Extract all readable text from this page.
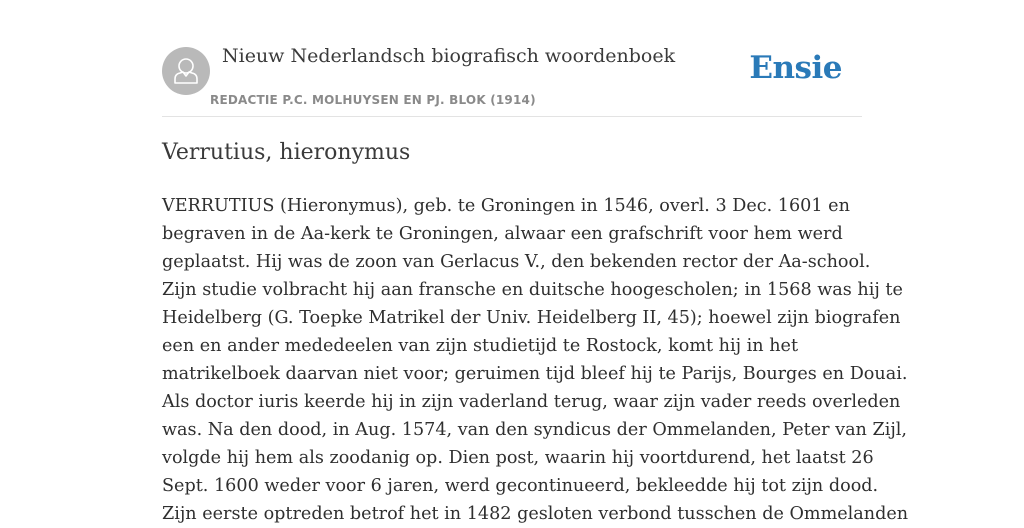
Nieuw Nederlandsch biografisch woordenboek
REDACTIE P.C. MOLHUYSEN EN PJ. BLOK (1914)
Ensie
Verrutius, hieronymus
VERRUTIUS (Hieronymus), geb. te Groningen in 1546, overl. 3 Dec. 1601 en
begraven in de Aa-kerk te Groningen, alwaar een grafschrift voor hem werd
geplaatst. Hij was de zoon van Gerlacus V., den bekenden rector der Aa-school.
Zijn studie volbracht hij aan fransche en duitsche hoogescholen; in 1568 was hij te
Heidelberg (G. Toepke Matrikel der Univ. Heidelberg II, 45); hoewel zijn biografen
een en ander mededeelen van zijn studietijd te Rostock, komt hij in het
matrikelboek daarvan niet voor; geruimen tijd bleef hij te Parijs, Bourges en Douai.
Als doctor iuris keerde hij in zijn vaderland terug, waar zijn vader reeds overleden
was. Na den dood, in Aug. 1574, van den syndicus der Ommelanden, Peter van Zijl,
volgde hij hem als zoodanig op. Dien post, waarin hij voortdurend, het laatst 26
Sept. 1600 weder voor 6 jaren, werd gecontinueerd, bekleedde hij tot zijn dood.
Zijn eerste optreden betrof het in 1482 gesloten verbond tusschen de Ommelanden
